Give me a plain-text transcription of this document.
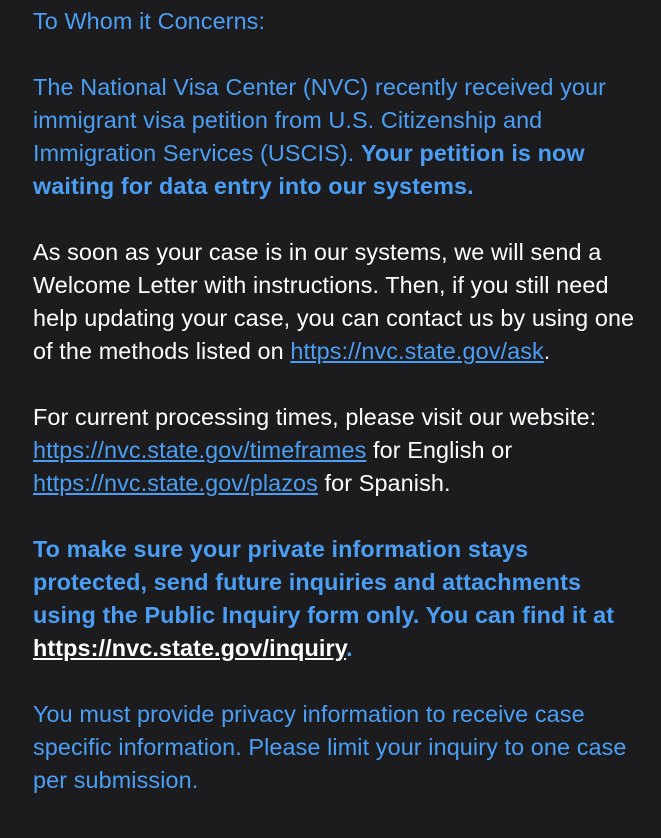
To Whom it Concerns:

The National Visa Center (NVC) recently received your immigrant visa petition from U.S. Citizenship and Immigration Services (USCIS). Your petition is now waiting for data entry into our systems.

As soon as your case is in our systems, we will send a Welcome Letter with instructions. Then, if you still need help updating your case, you can contact us by using one of the methods listed on https://nvc.state.gov/ask.

For current processing times, please visit our website: https://nvc.state.gov/timeframes for English or https://nvc.state.gov/plazos for Spanish.

To make sure your private information stays protected, send future inquiries and attachments using the Public Inquiry form only. You can find it at https://nvc.state.gov/inquiry.

You must provide privacy information to receive case specific information. Please limit your inquiry to one case per submission.
